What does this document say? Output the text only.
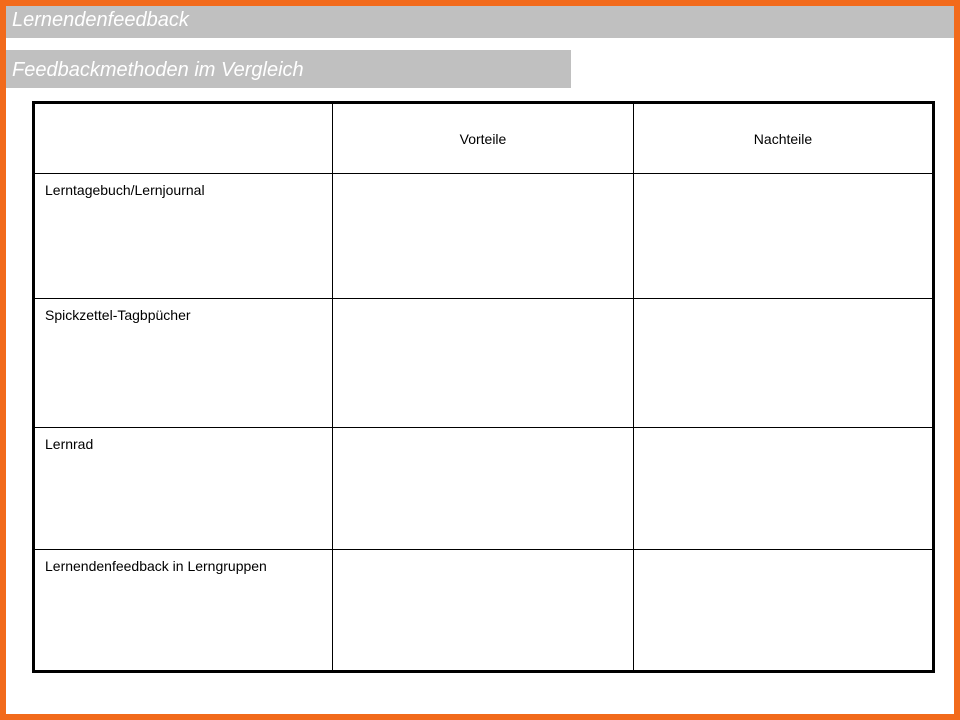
Lernendenfeedback
Feedbackmethoden im Vergleich
	Vorteile	Nachteile
Lerntagebuch/Lernjournal		
Spickzettel-Tagbpücher		
Lernrad		
Lernendenfeedback in Lerngruppen		
